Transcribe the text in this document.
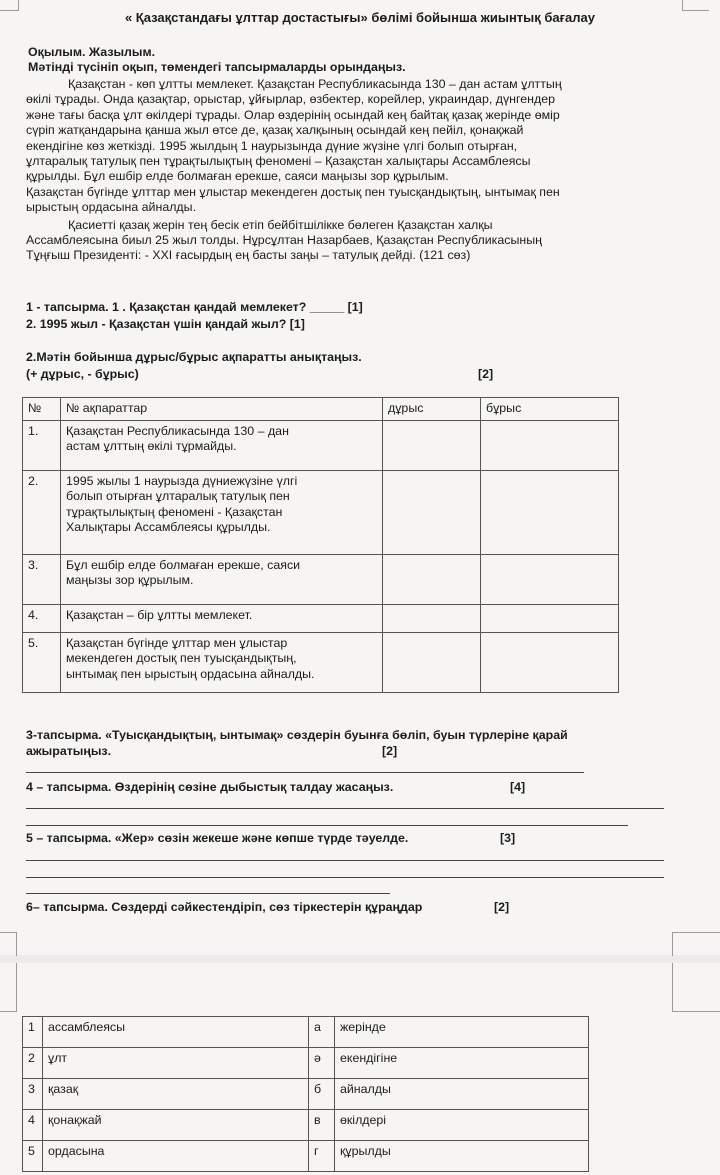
« Қазақстандағы ұлттар достастығы» бөлімі бойынша жиынтық бағалау
Оқылым. Жазылым.
Мәтінді түсініп оқып, төмендегі тапсырмаларды орындаңыз.
Қазақстан - көп ұлтты мемлекет. Қазақстан Республикасында 130 – дан астам ұлттың
өкілі тұрады. Онда қазақтар, орыстар, ұйғырлар, өзбектер, корейлер, украиндар, дүнгендер
және тағы басқа ұлт өкілдері тұрады. Олар өздерінің осындай кең байтақ қазақ жерінде өмір
сүріп жатқандарына қанша жыл өтсе де, қазақ халқының осындай кең пейіл, қонақжай
екендігіне көз жеткізді. 1995 жылдың 1 наурызында дүние жүзіне үлгі болып отырған,
ұлтаралық татулық пен тұрақтылықтың феномені – Қазақстан халықтары Ассамблеясы
құрылды. Бұл ешбір елде болмаған ерекше, саяси маңызы зор құрылым.
Қазақстан бүгінде ұлттар мен ұлыстар мекендеген достық пен туысқандықтың, ынтымақ пен
ырыстың ордасына айналды.
Қасиетті қазақ жерін тең бесік етіп бейбітшілікке бөлеген Қазақстан халқы
Ассамблеясына биыл 25 жыл толды. Нұрсұлтан Назарбаев, Қазақстан Республикасының
Тұңғыш Президенті: - XXI ғасырдың ең басты заңы – татулық дейді. (121 сөз)
1 - тапсырма. 1 . Қазақстан қандай мемлекет? _____ [1]
2. 1995 жыл - Қазақстан үшін қандай жыл? [1]
2.Мәтін бойынша дұрыс/бұрыс ақпаратты анықтаңыз.
(+ дұрыс, - бұрыс)	[2]
№	№ ақпараттар	дұрыс	бұрыс
1.	Қазақстан Республикасында 130 – дан
астам ұлттың өкілі тұрмайды.		

2.	1995 жылы 1 наурызда дүниежүзіне үлгі
болып отырған ұлтаралық татулық пен
тұрақтылықтың феномені - Қазақстан
Халықтары Ассамблеясы құрылды.		

3.	Бұл ешбір елде болмаған ерекше, саяси
маңызы зор құрылым.		

4.	Қазақстан – бір ұлтты мемлекет.		

5.	Қазақстан бүгінде ұлттар мен ұлыстар
мекендеген достық пен туысқандықтың,
ынтымақ пен ырыстың ордасына айналды.		

3-тапсырма. «Туысқандықтың, ынтымақ» сөздерін буынға бөліп, буын түрлеріне қарай
ажыратыңыз.	[2]
4 – тапсырма. Өздерінің сөзіне дыбыстық талдау жасаңыз.	[4]
5 – тапсырма. «Жер» сөзін жекеше және көпше түрде тәуелде.	[3]
6– тапсырма. Сөздерді сәйкестендіріп, сөз тіркестерін құраңдар	[2]
1	ассамблеясы	а	жерінде
2	ұлт	ә	екендігіне
3	қазақ	б	айналды
4	қонақжай	в	өкілдері
5	ордасына	г	құрылды
